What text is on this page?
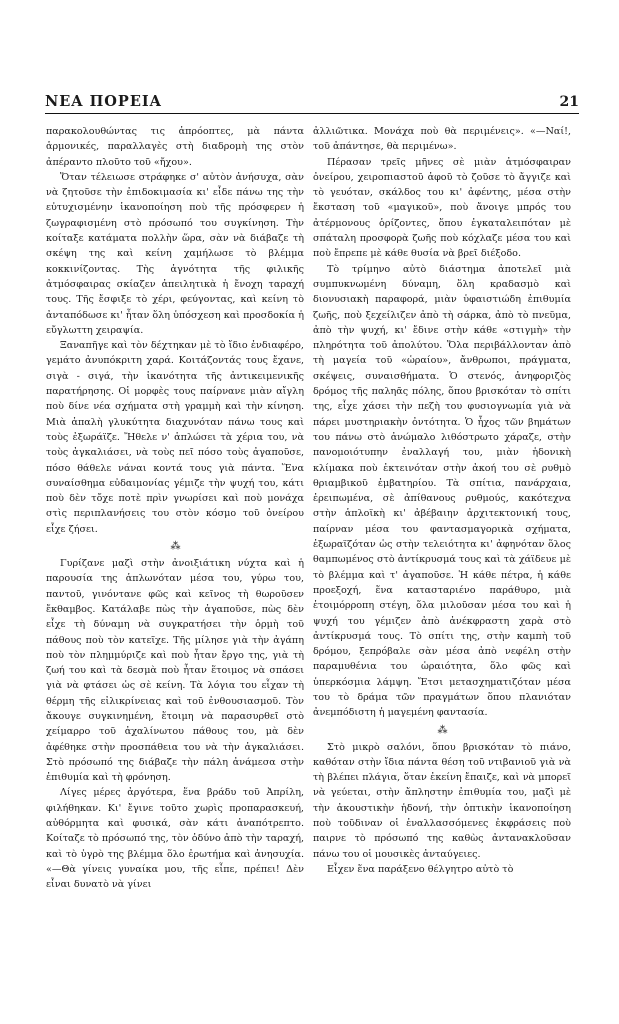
ΝΕΑ ΠΟΡΕΙΑ	21

παρακολουθώντας τις ἀπρόοπτες, μὰ πάντα ἁρμονικές, παραλλαγὲς στὴ διαδρομὴ της στὸν ἀπέραντο πλοῦτο τοῦ «ἤχου».

Ὅταν τέλειωσε στράφηκε σ' αὐτὸν ἀνήσυχα, σὰν νὰ ζητοῦσε τὴν ἐπιδοκιμασία κι' εἶδε πάνω της τὴν εὐτυχισμένην ἱκανοποίηση ποὺ τῆς πρόσφερεν ἡ ζωγραφισμένη στὸ πρόσωπό του συγκίνηση. Τὴν κοίταξε κατάματα πολλὴν ὥρα, σὰν νὰ διάβαζε τὴ σκέψη της καὶ κείνη χαμήλωσε τὸ βλέμμα κοκκινίζοντας. Τὴς ἀγνότητα τῆς φιλικῆς ἀτμόσφαιρας σκίαζεν ἀπειλητικὰ ἡ ἔνοχη ταραχή τους. Τῆς ἔσφιξε τὸ χέρι, φεύγοντας, καὶ κείνη τὸ ἀνταπόδωσε κι' ἦταν ὅλη ὑπόσχεση καὶ προσδοκία ἡ εὔγλωττη χειραψία.

Ξαναπῆγε καὶ τὸν δέχτηκαν μὲ τὸ ἴδιο ἐνδιαφέρο, γεμάτο ἀνυπόκριτη χαρά. Κοιτάζοντάς τους ἔχανε, σιγὰ - σιγά, τὴν ἱκανότητα τῆς ἀντικειμενικῆς παρατήρησης. Οἱ μορφὲς τους παίρνανε μιὰν αἴγλη ποὺ δίνε νέα σχήματα στὴ γραμμὴ καὶ τὴν κίνηση. Μιὰ ἁπαλὴ γλυκύτητα διαχυνόταν πάνω τους καὶ τοὺς ἐξωράϊζε. Ἤθελε ν' ἁπλώσει τὰ χέρια του, νὰ τοὺς ἀγκαλιάσει, νὰ τοὺς πεῖ πόσο τοὺς ἀγαποῦσε, πόσο θάθελε νάναι κοντά τους γιὰ πάντα. Ἕνα συναίσθημα εὐδαιμονίας γέμιζε τὴν ψυχή του, κάτι ποὺ δὲν τὄχε ποτὲ πρὶν γνωρίσει καὶ ποὺ μονάχα στὶς περιπλανήσεις του στὸν κόσμο τοῦ ὀνείρου εἶχε ζήσει.

⁂

Γυρίζανε μαζὶ στὴν ἀνοιξιάτικη νύχτα καὶ ἡ παρουσία της ἁπλωνόταν μέσα του, γύρω του, παντοῦ, γινόντανε φῶς καὶ κεῖνος τὴ θωροῦσεν ἔκθαμβος. Κατάλαβε πὼς τὴν ἀγαποῦσε, πὼς δὲν εἶχε τὴ δύναμη νὰ συγκρατήσει τὴν ὁρμὴ τοῦ πάθους ποὺ τὸν κατεῖχε. Τῆς μίλησε γιὰ τὴν ἀγάπη ποὺ τὸν πλημμύριζε καὶ ποὺ ἦταν ἔργο της, γιὰ τὴ ζωή του καὶ τὰ δεσμὰ ποὺ ἦταν ἕτοιμος νὰ σπάσει γιὰ νὰ φτάσει ὡς σὲ κείνη. Τὰ λόγια του εἶχαν τὴ θέρμη τῆς εἰλικρίνειας καὶ τοῦ ἐνθουσιασμοῦ. Τὸν ἄκουγε συγκινημένη, ἕτοιμη νὰ παρασυρθεῖ στὸ χείμαρρο τοῦ ἀχαλίνωτου πάθους του, μὰ δὲν ἀφέθηκε στὴν προσπάθεια του νὰ τὴν ἀγκαλιάσει. Στὸ πρόσωπό της διάβαζε τὴν πάλη ἀνάμεσα στὴν ἐπιθυμία καὶ τὴ φρόνηση.

Λίγες μέρες ἀργότερα, ἕνα βράδυ τοῦ Ἀπρίλη, φιλήθηκαν. Κι' ἔγινε τοῦτο χωρὶς προπαρασκευή, αὐθόρμητα καὶ φυσικά, σὰν κάτι ἀναπότρεπτο. Κοίταζε τὸ πρόσωπό της, τὸν ὀδύνο ἀπὸ τὴν ταραχή, καὶ τὸ ὑγρὸ της βλέμμα ὅλο ἐρωτήμα καὶ ἀνησυχία. «—Θὰ γίνεις γυναίκα μου, τῆς εἶπε, πρέπει! Δὲν εἶναι δυνατὸ νὰ γίνει

ἀλλιῶτικα. Μονάχα ποὺ θὰ περιμένεις». «—Ναί!, τοῦ ἀπάντησε, θὰ περιμένω».

Πέρασαν τρεῖς μῆνες σὲ μιὰν ἀτμόσφαιραν ὀνείρου, χειροπιαστοῦ ἀφοῦ τὸ ζοῦσε τὸ ἄγγιζε καὶ τὸ γευόταν, σκάλδος του κι' ἀφέντης, μέσα στὴν ἔκσταση τοῦ «μαγικοῦ», ποὺ ἄνοιγε μπρός του ἀτέρμονους ὁρίζοντες, ὅπου ἐγκαταλειπόταν μὲ σπάταλη προσφορὰ ζωῆς ποὺ κόχλαζε μέσα του καὶ ποὺ ἔπρεπε μὲ κάθε θυσία νὰ βρεῖ διέξοδο.

Τὸ τρίμηνο αὐτὸ διάστημα ἀποτελεῖ μιὰ συμπυκνωμένη δύναμη, ὅλη κραδασμὸ καὶ διονυσιακὴ παραφορά, μιὰν ὑφαιστιώδη ἐπιθυμία ζωῆς, ποὺ ξεχείλιζεν ἀπὸ τὴ σάρκα, ἀπὸ τὸ πνεῦμα, ἀπὸ τὴν ψυχή, κι' ἔδινε στὴν κάθε «στιγμὴ» τὴν πληρότητα τοῦ ἀπολύτου. Ὅλα περιβάλλονταν ἀπὸ τὴ μαγεία τοῦ «ὡραίου», ἄνθρωποι, πράγματα, σκέψεις, συναισθήματα. Ὁ στενός, ἀνηφοριζὸς δρόμος τῆς παληᾶς πόλης, ὅπου βρισκόταν τὸ σπίτι της, εἶχε χάσει τὴν πεζὴ του φυσιογνωμία γιὰ νὰ πάρει μυστηριακὴν ὀντότητα. Ὁ ἦχος τῶν βημάτων του πάνω στὸ ἀνώμαλο λιθόστρωτο χάραζε, στὴν πανομοιότυπην ἐναλλαγή του, μιὰν ἡδονικὴ κλίμακα ποὺ ἐκτεινόταν στὴν ἀκοή του σὲ ρυθμὸ θριαμβικοῦ ἐμβατηρίου. Τὰ σπίτια, πανάρχαια, ἐρειπωμένα, σὲ ἀπίθανους ρυθμούς, κακότεχνα στὴν ἁπλοϊκὴ κι' ἀβέβαιην ἀρχιτεκτονική τους, παίρναν μέσα του φαντασμαγορικὰ σχήματα, ἐξωραϊζόταν ὡς στὴν τελειότητα κι' ἀφηνόταν ὅλος θαμπωμένος στὸ ἀντίκρυσμά τους καὶ τὰ χάϊδευε μὲ τὸ βλέμμα καὶ τ' ἀγαποῦσε. Ἡ κάθε πέτρα, ἡ κάθε προεξοχή, ἕνα κατασταριένο παράθυρο, μιὰ ἑτοιμόρροπη στέγη, ὅλα μιλοῦσαν μέσα του καὶ ἡ ψυχή του γέμιζεν ἀπὸ ἀνέκφραστη χαρὰ στὸ ἀντίκρυσμά τους. Τὸ σπίτι της, στὴν καμπὴ τοῦ δρόμου, ξεπρόβαλε σὰν μέσα ἀπὸ νεφέλη στὴν παραμυθένια του ὡραιότητα, ὅλο φῶς καὶ ὑπερκόσμια λάμψη. Ἔτσι μετασχηματιζόταν μέσα του τὸ δράμα τῶν πραγμάτων ὅπου πλανιόταν ἀνεμπόδιστη ἡ μαγεμένη φαντασία.

⁂

Στὸ μικρὸ σαλόνι, ὅπου βρισκόταν τὸ πιάνο, καθόταν στὴν ἴδια πάντα θέση τοῦ ντιβανιοῦ γιὰ νὰ τὴ βλέπει πλάγια, ὅταν ἐκείνη ἔπαιζε, καὶ νὰ μπορεῖ νὰ γεύεται, στὴν ἄπληστην ἐπιθυμία του, μαζὶ μὲ τὴν ἀκουστικὴν ἡδονή, τὴν ὀπτικὴν ἱκανοποίηση ποὺ τοῦδιναν οἱ ἐναλλασσόμενες ἐκφράσεις ποὺ παιρνε τὸ πρόσωπό της καθὼς ἀντανακλοῦσαν πάνω του οἱ μουσικὲς ἀνταύγειες.

Εἶχεν ἕνα παράξενο θέλγητρο αὐτὸ τὸ
